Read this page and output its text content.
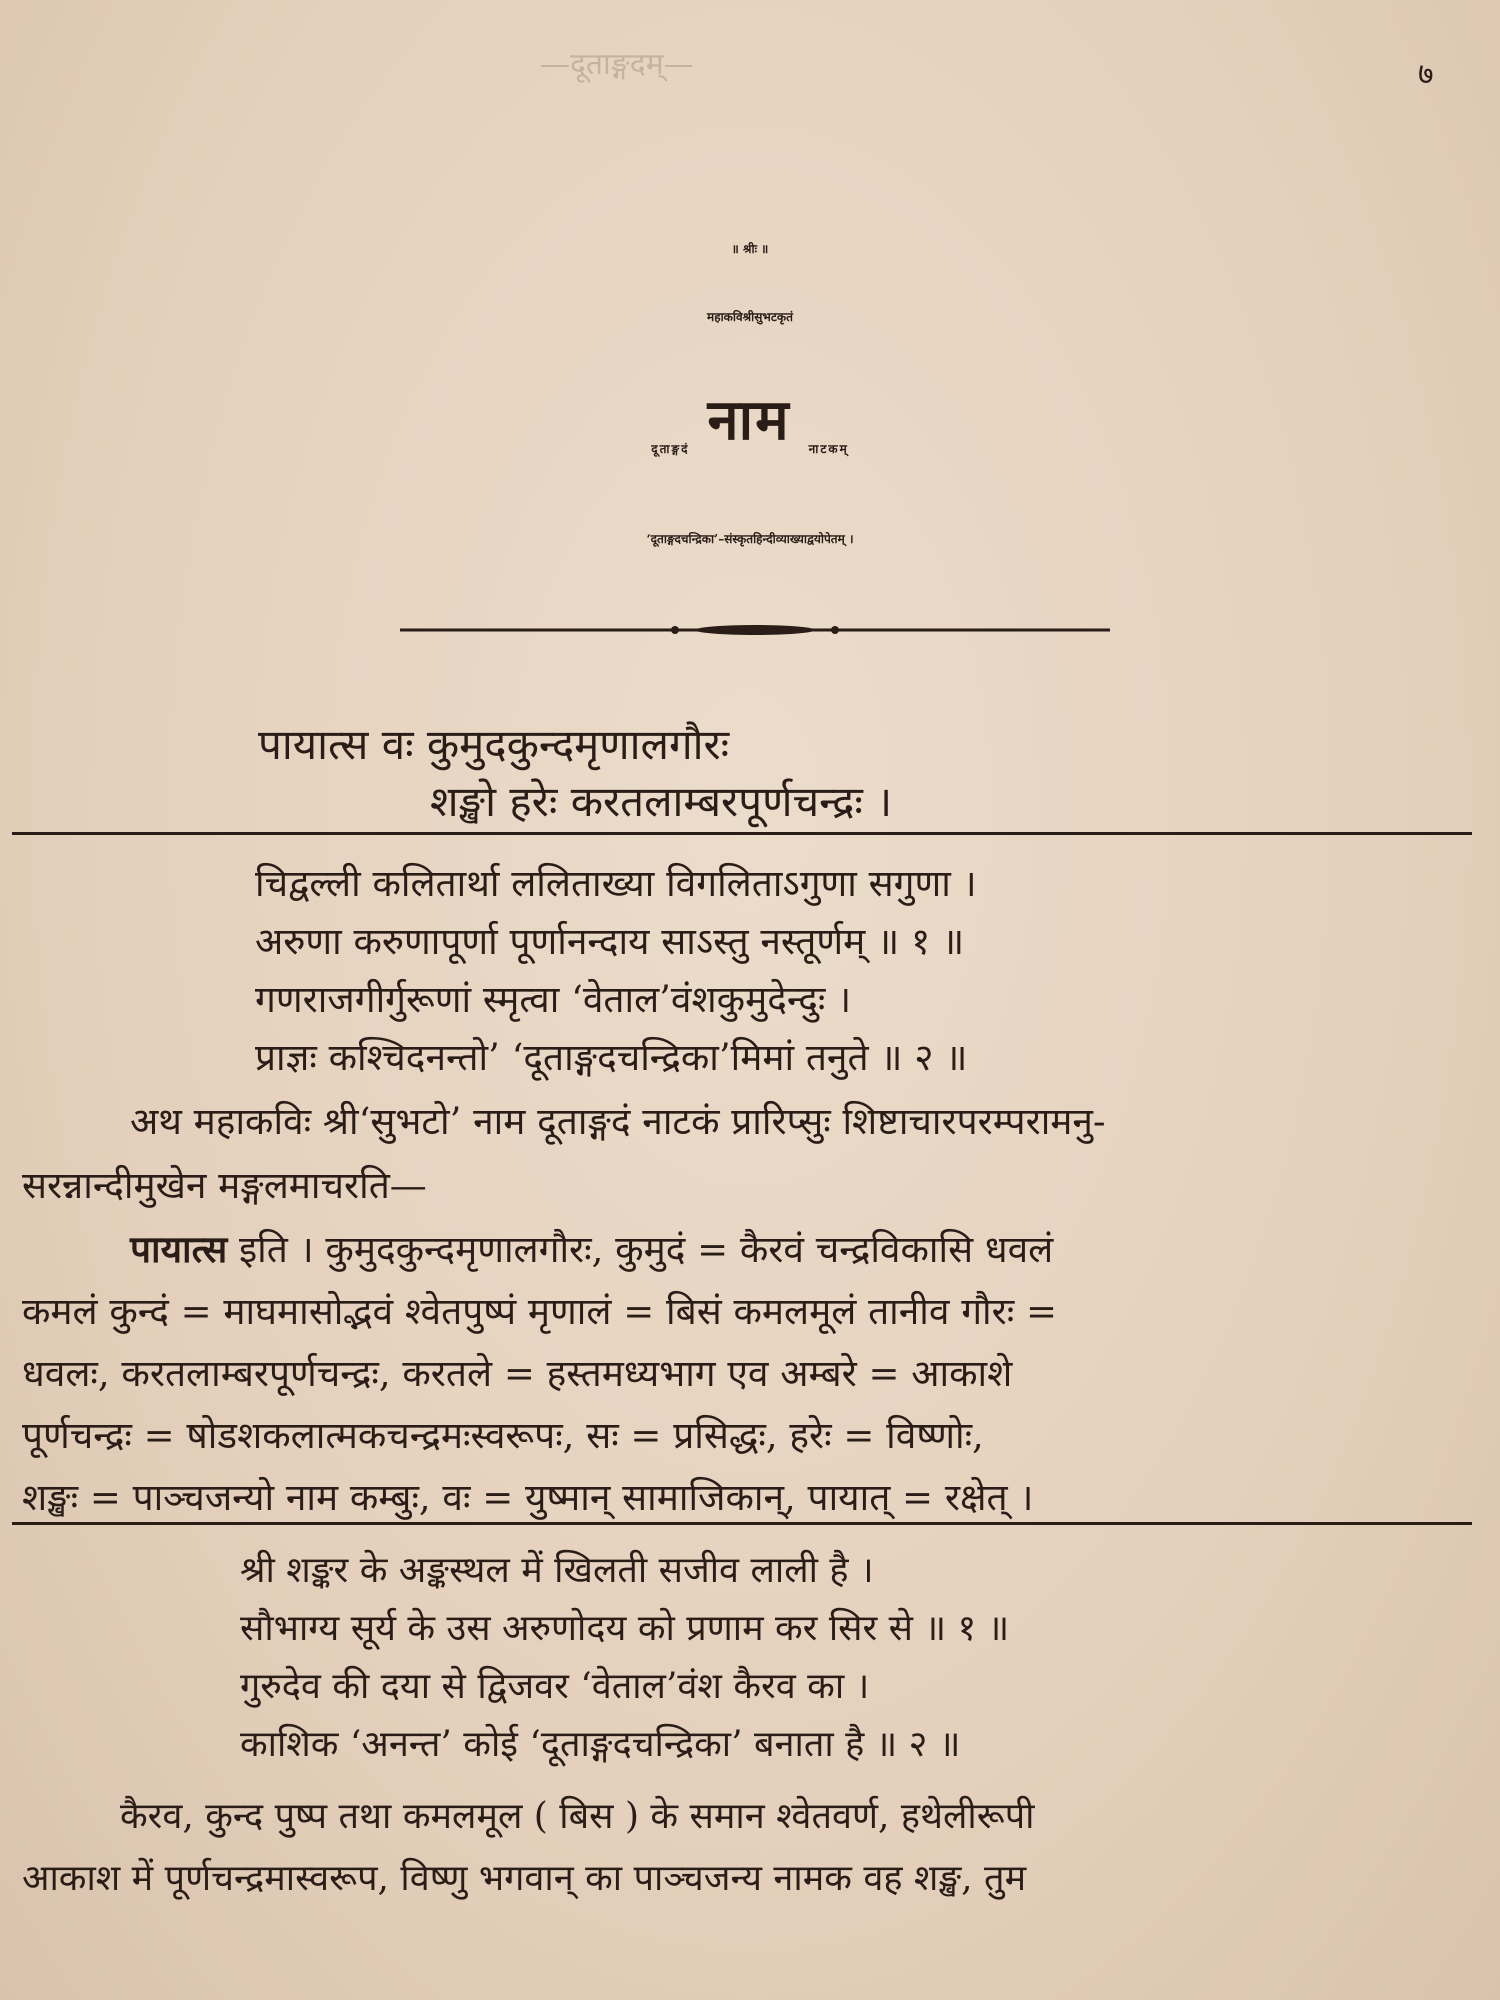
—दूताङ्गदम्—	७
॥ श्रीः ॥
महाकविश्रीसुभटकृतं
दूताङ्गदं नाम नाटकम्
‘दूताङ्गदचन्द्रिका’–संस्कृतहिन्दीव्याख्याद्वयोपेतम् ।
पायात्स वः कुमुदकुन्दमृणालगौरः
शङ्खो हरेः करतलाम्बरपूर्णचन्द्रः ।
चिद्वल्ली कलितार्था ललिताख्या विगलिताऽगुणा सगुणा ।
अरुणा करुणापूर्णा पूर्णानन्दाय साऽस्तु नस्तूर्णम् ॥ १ ॥
गणराजगीर्गुरूणां स्मृत्वा ‘वेताल’वंशकुमुदेन्दुः ।
प्राज्ञः कश्चिदनन्तो’ ‘दूताङ्गदचन्द्रिका’मिमां तनुते ॥ २ ॥
अथ महाकविः श्री‘सुभटो’ नाम दूताङ्गदं नाटकं प्रारिप्सुः शिष्टाचारपरम्परामनु-
सरन्नान्दीमुखेन मङ्गलमाचरति—
पायात्स इति । कुमुदकुन्दमृणालगौरः, कुमुदं = कैरवं चन्द्रविकासि धवलं
कमलं कुन्दं = माघमासोद्भवं श्वेतपुष्पं मृणालं = बिसं कमलमूलं तानीव गौरः =
धवलः, करतलाम्बरपूर्णचन्द्रः, करतले = हस्तमध्यभाग एव अम्बरे = आकाशे
पूर्णचन्द्रः = षोडशकलात्मकचन्द्रमःस्वरूपः, सः = प्रसिद्धः, हरेः = विष्णोः,
शङ्खः = पाञ्चजन्यो नाम कम्बुः, वः = युष्मान् सामाजिकान्, पायात् = रक्षेत् ।
श्री शङ्कर के अङ्कस्थल में खिलती सजीव लाली है ।
सौभाग्य सूर्य के उस अरुणोदय को प्रणाम कर सिर से ॥ १ ॥
गुरुदेव की दया से द्विजवर ‘वेताल’वंश कैरव का ।
काशिक ‘अनन्त’ कोई ‘दूताङ्गदचन्द्रिका’ बनाता है ॥ २ ॥
कैरव, कुन्द पुष्प तथा कमलमूल ( बिस ) के समान श्वेतवर्ण, हथेलीरूपी
आकाश में पूर्णचन्द्रमास्वरूप, विष्णु भगवान् का पाञ्चजन्य नामक वह शङ्ख, तुम
